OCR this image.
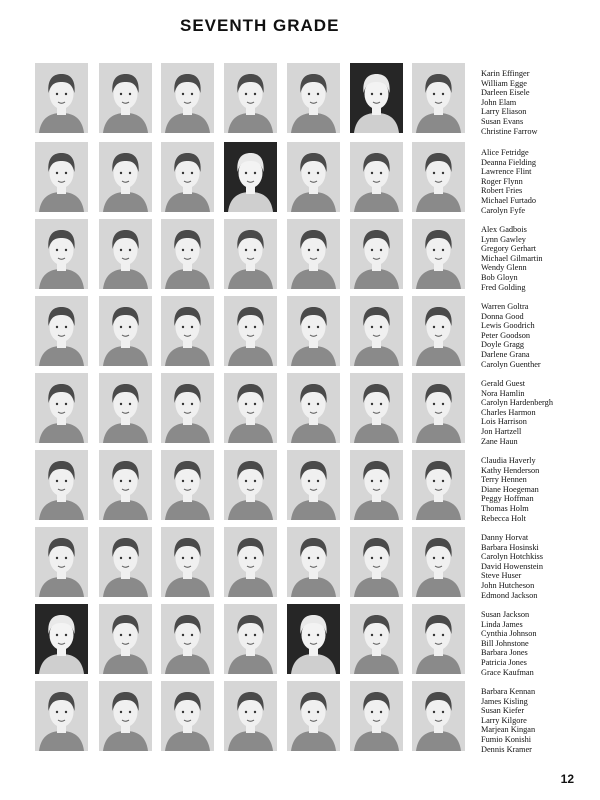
SEVENTH GRADE
Karin Effinger
William Egge
Darleen Eisele
John Elam
Larry Eliason
Susan Evans
Christine Farrow
Alice Fetridge
Deanna Fielding
Lawrence Flint
Roger Flynn
Robert Fries
Michael Furtado
Carolyn Fyfe
Alex Gadbois
Lynn Gawley
Gregory Gerhart
Michael Gilmartin
Wendy Glenn
Bob Gloyn
Fred Golding
Warren Goltra
Donna Good
Lewis Goodrich
Peter Goodson
Doyle Gragg
Darlene Grana
Carolyn Guenther
Gerald Guest
Nora Hamlin
Carolyn Hardenbergh
Charles Harmon
Lois Harrison
Jon Hartzell
Zane Haun
Claudia Haverly
Kathy Henderson
Terry Hennen
Diane Hoegeman
Peggy Hoffman
Thomas Holm
Rebecca Holt
Danny Horvat
Barbara Hosinski
Carolyn Hotchkiss
David Howenstein
Steve Huser
John Hutcheson
Edmond Jackson
Susan Jackson
Linda James
Cynthia Johnson
Bill Johnstone
Barbara Jones
Patricia Jones
Grace Kaufman
Barbara Kennan
James Kisling
Susan Kiefer
Larry Kilgore
Marjean Kingan
Fumio Konishi
Dennis Kramer
12
